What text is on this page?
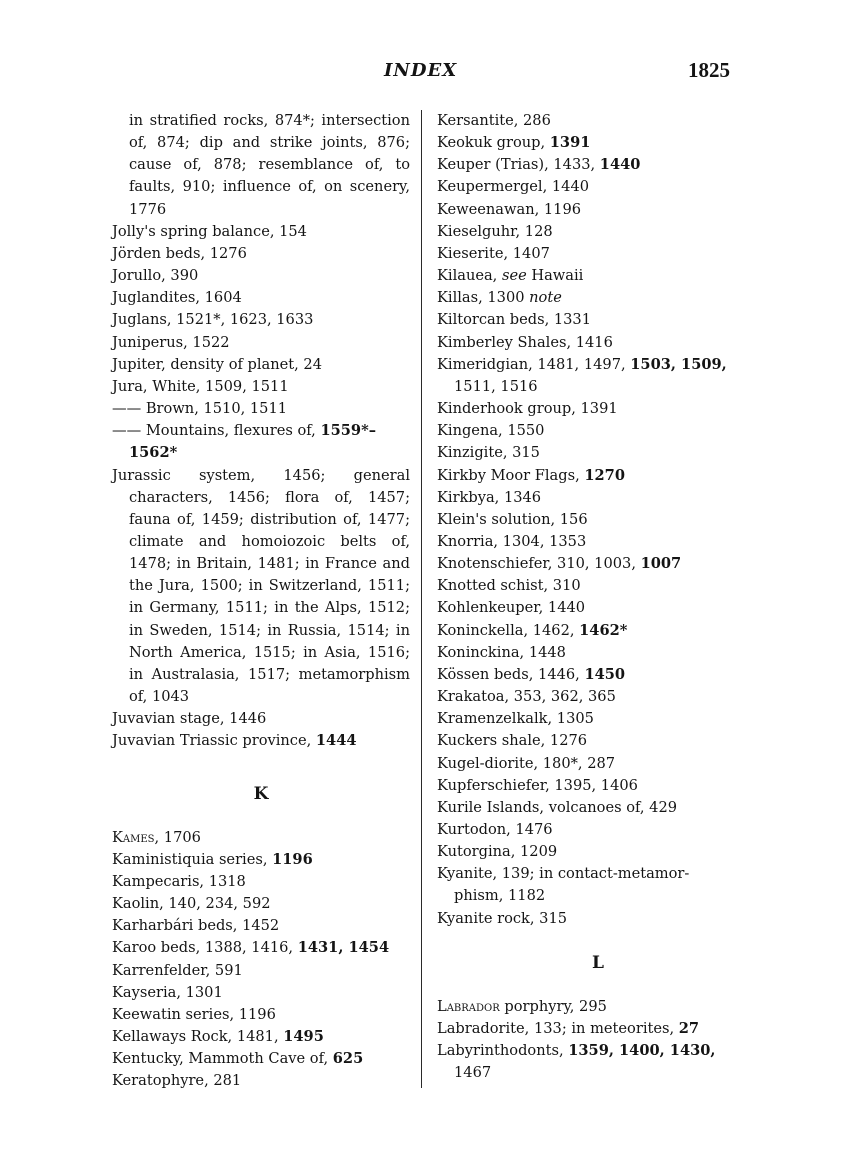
INDEX	1825
in stratified rocks, 874*; intersection of, 874; dip and strike joints, 876; cause of, 878; resemblance of, to faults, 910; influence of, on scenery, 1776
Jolly's spring balance, 154
Jörden beds, 1276
Jorullo, 390
Juglandites, 1604
Juglans, 1521*, 1623, 1633
Juniperus, 1522
Jupiter, density of planet, 24
Jura, White, 1509, 1511
—— Brown, 1510, 1511
—— Mountains, flexures of, 1559*–1562*
Jurassic system, 1456; general characters, 1456; flora of, 1457; fauna of, 1459; distribution of, 1477; climate and homoiozoic belts of, 1478; in Britain, 1481; in France and the Jura, 1500; in Switzerland, 1511; in Germany, 1511; in the Alps, 1512; in Sweden, 1514; in Russia, 1514; in North America, 1515; in Asia, 1516; in Australasia, 1517; metamorphism of, 1043
Juvavian stage, 1446
Juvavian Triassic province, 1444
K
Kames, 1706
Kaministiquia series, 1196
Kampecaris, 1318
Kaolin, 140, 234, 592
Karharbári beds, 1452
Karoo beds, 1388, 1416, 1431, 1454
Karrenfelder, 591
Kayseria, 1301
Keewatin series, 1196
Kellaways Rock, 1481, 1495
Kentucky, Mammoth Cave of, 625
Keratophyre, 281
Kersantite, 286
Keokuk group, 1391
Keuper (Trias), 1433, 1440
Keupermergel, 1440
Keweenawan, 1196
Kieselguhr, 128
Kieserite, 1407
Kilauea, see Hawaii
Killas, 1300 note
Kiltorcan beds, 1331
Kimberley Shales, 1416
Kimeridgian, 1481, 1497, 1503, 1509,
1511, 1516
Kinderhook group, 1391
Kingena, 1550
Kinzigite, 315
Kirkby Moor Flags, 1270
Kirkbya, 1346
Klein's solution, 156
Knorria, 1304, 1353
Knotenschiefer, 310, 1003, 1007
Knotted schist, 310
Kohlenkeuper, 1440
Koninckella, 1462, 1462*
Koninckina, 1448
Kössen beds, 1446, 1450
Krakatoa, 353, 362, 365
Kramenzelkalk, 1305
Kuckers shale, 1276
Kugel-diorite, 180*, 287
Kupferschiefer, 1395, 1406
Kurile Islands, volcanoes of, 429
Kurtodon, 1476
Kutorgina, 1209
Kyanite, 139; in contact-metamor-
phism, 1182
Kyanite rock, 315
L
Labrador porphyry, 295
Labradorite, 133; in meteorites, 27
Labyrinthodonts, 1359, 1400, 1430,
1467
